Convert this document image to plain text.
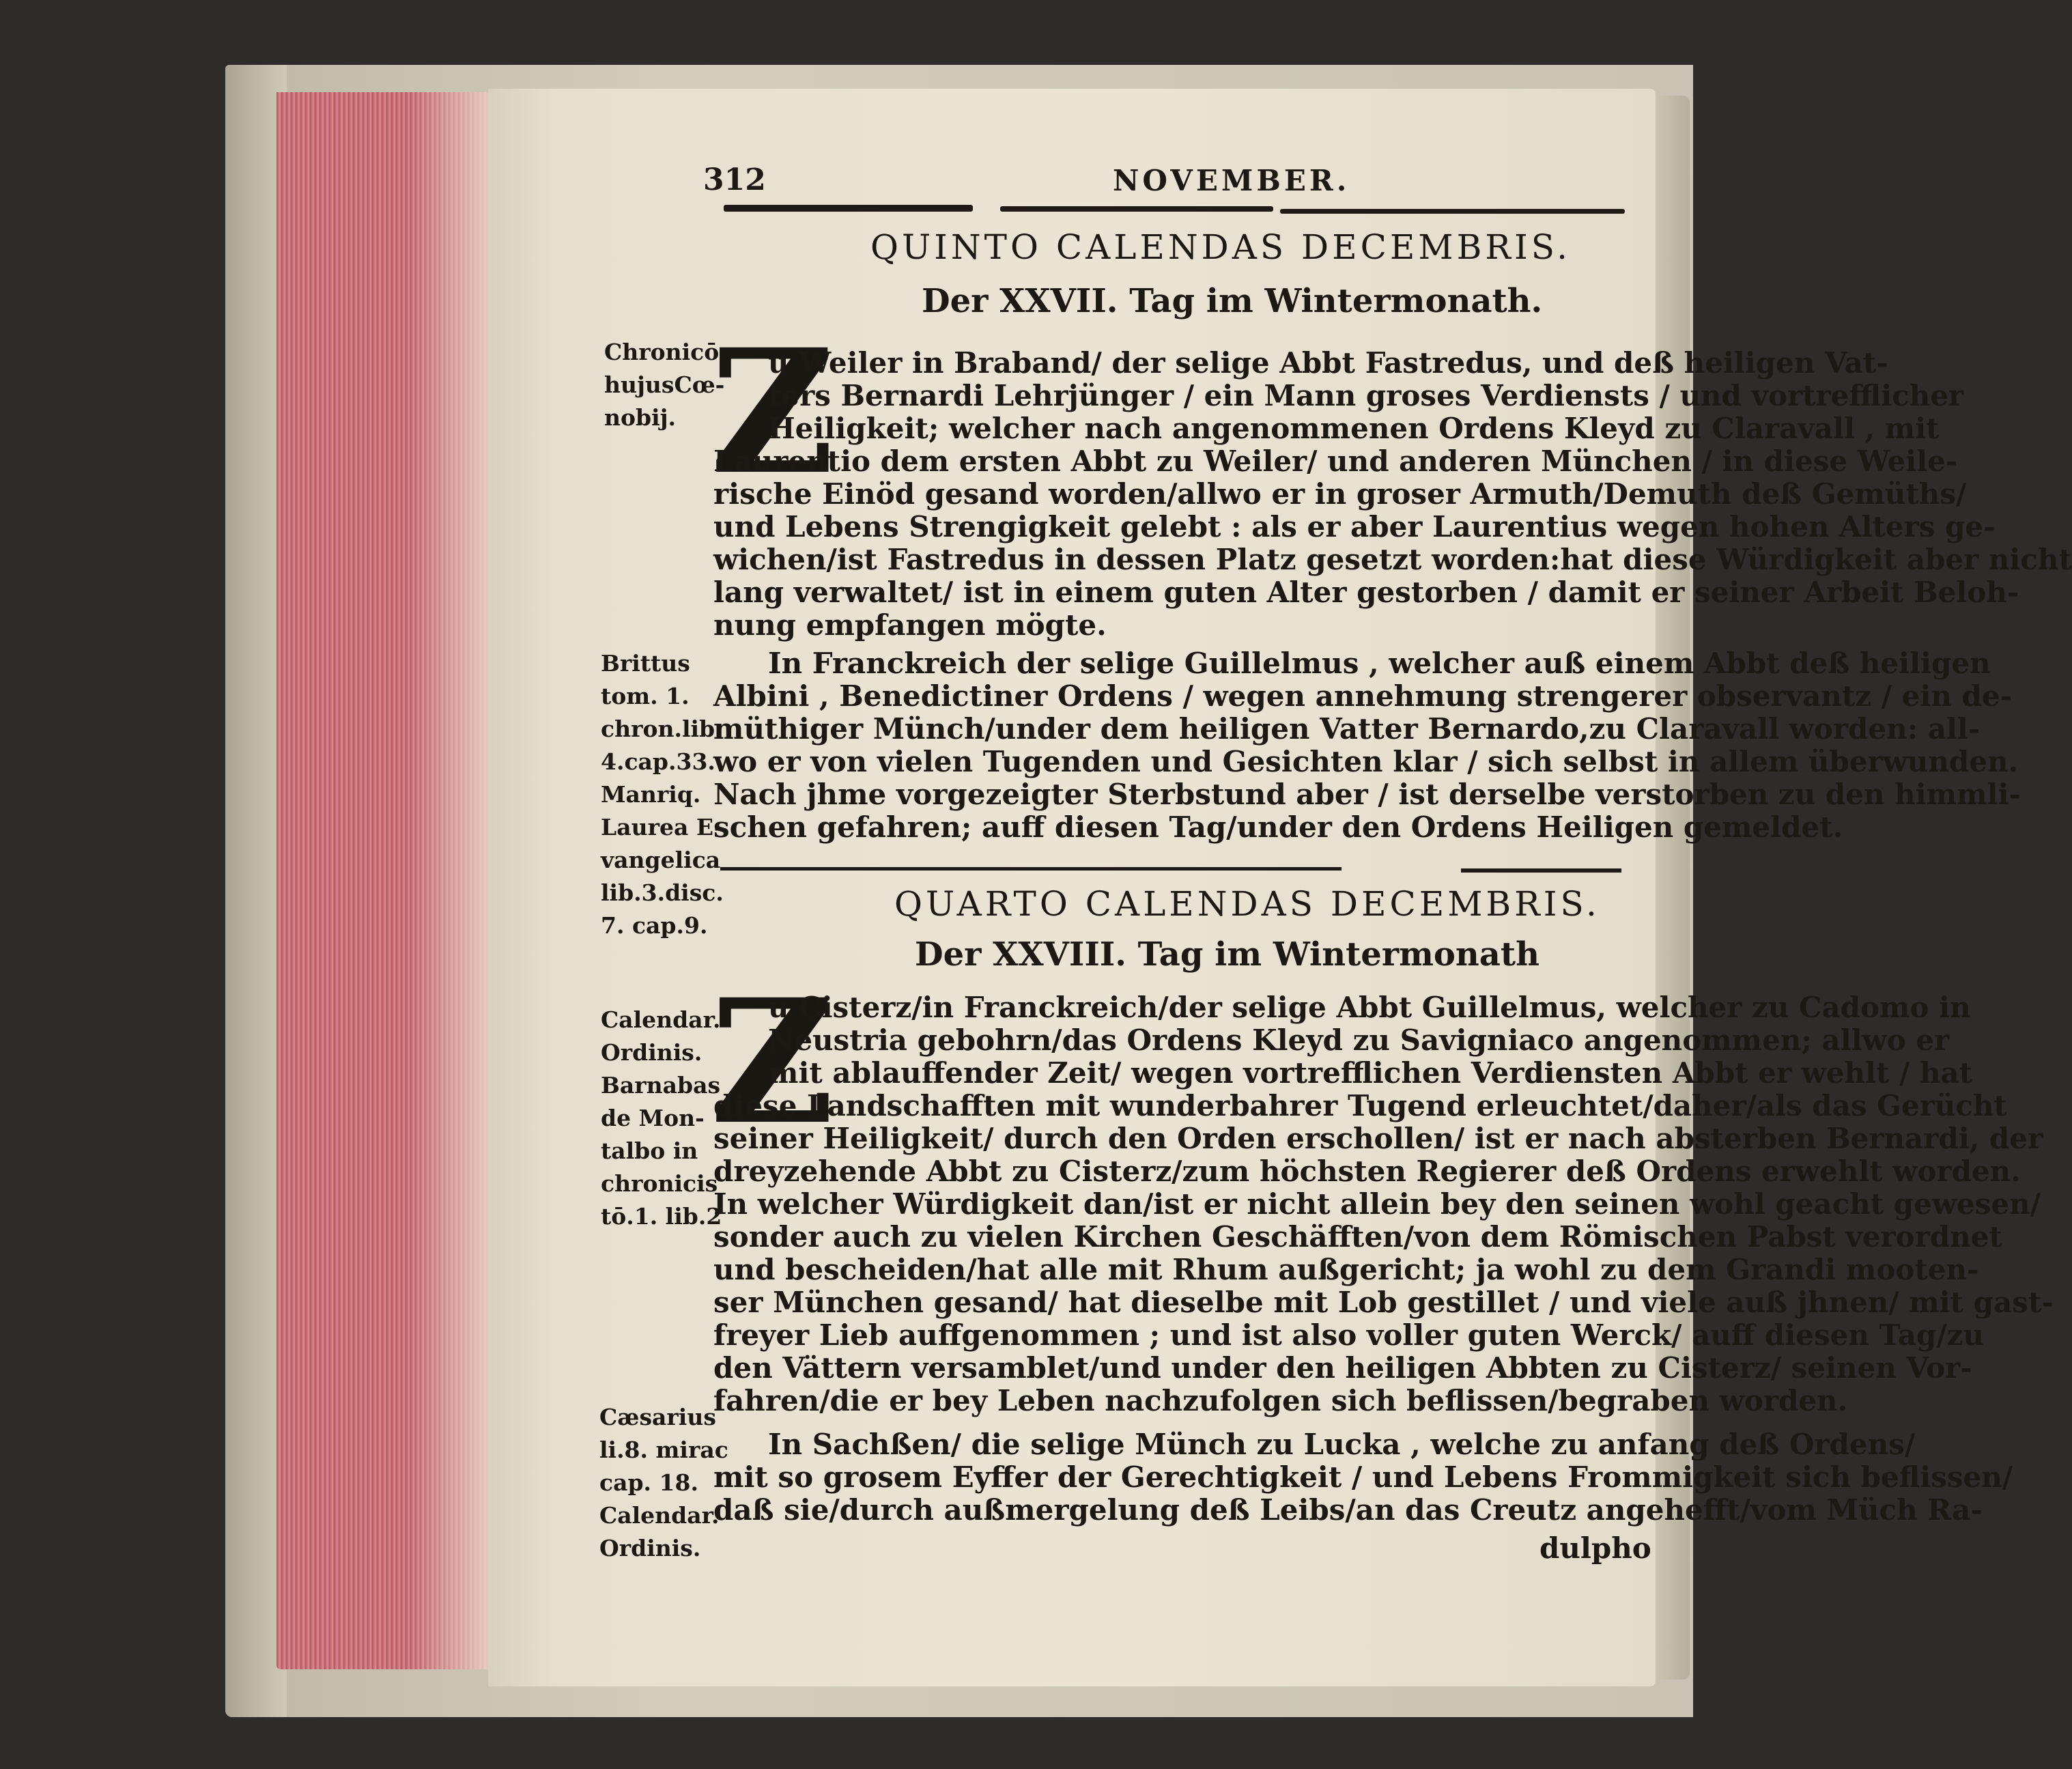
312	NOVEMBER.
QUINTO CALENDAS DECEMBRIS.
Der XXVII. Tag im Wintermonath.
Chronicō
hujusCœ-
nobij. Z
u Weiler in Braband/ der selige Abbt Fastredus, und deß heiligen Vat-
ters Bernardi Lehrjünger / ein Mann groses Verdiensts / und vortrefflicher
Heiligkeit; welcher nach angenommenen Ordens Kleyd zu Claravall , mit
Laurentio dem ersten Abbt zu Weiler/ und anderen München / in diese Weile-
rische Einöd gesand worden/allwo er in groser Armuth/Demuth deß Gemüths/
und Lebens Strengigkeit gelebt : als er aber Laurentius wegen hohen Alters ge-
wichen/ist Fastredus in dessen Platz gesetzt worden:hat diese Würdigkeit aber nicht
lang verwaltet/ ist in einem guten Alter gestorben / damit er seiner Arbeit Beloh-
nung empfangen mögte.
Brittus
tom. 1.
chron.lib.
4.cap.33.
Manriq.
Laurea E-
vangelica
lib.3.disc.
7. cap.9.
In Franckreich der selige Guillelmus , welcher auß einem Abbt deß heiligen
Albini , Benedictiner Ordens / wegen annehmung strengerer observantz / ein de-
müthiger Münch/under dem heiligen Vatter Bernardo,zu Claravall worden: all-
wo er von vielen Tugenden und Gesichten klar / sich selbst in allem überwunden.
Nach jhme vorgezeigter Sterbstund aber / ist derselbe verstorben zu den himmli-
schen gefahren; auff diesen Tag/under den Ordens Heiligen gemeldet.
QUARTO CALENDAS DECEMBRIS.
Der XXVIII. Tag im Wintermonath
Calendar.
Ordinis.
Barnabas
de Mon-
talbo in
chronicis
tō.1. lib.2
Z
u Cisterz/in Franckreich/der selige Abbt Guillelmus, welcher zu Cadomo in
Neustria gebohrn/das Ordens Kleyd zu Savigniaco angenommen; allwo er
mit ablauffender Zeit/ wegen vortrefflichen Verdiensten Abbt er wehlt / hat
diese Landschafften mit wunderbahrer Tugend erleuchtet/daher/als das Gerücht
seiner Heiligkeit/ durch den Orden erschollen/ ist er nach absterben Bernardi, der
dreyzehende Abbt zu Cisterz/zum höchsten Regierer deß Ordens erwehlt worden.
In welcher Würdigkeit dan/ist er nicht allein bey den seinen wohl geacht gewesen/
sonder auch zu vielen Kirchen Geschäfften/von dem Römischen Pabst verordnet
und bescheiden/hat alle mit Rhum außgericht; ja wohl zu dem Grandi mooten-
ser München gesand/ hat dieselbe mit Lob gestillet / und viele auß jhnen/ mit gast-
freyer Lieb auffgenommen ; und ist also voller guten Werck/ auff diesen Tag/zu
den Vättern versamblet/und under den heiligen Abbten zu Cisterz/ seinen Vor-
fahren/die er bey Leben nachzufolgen sich beflissen/begraben worden.
Cæsarius
li.8. mirac
cap. 18.
Calendar.
Ordinis.
In Sachßen/ die selige Münch zu Lucka , welche zu anfang deß Ordens/
mit so grosem Eyffer der Gerechtigkeit / und Lebens Frommigkeit sich beflissen/
daß sie/durch außmergelung deß Leibs/an das Creutz angehefft/vom Müch Ra-
dulpho
